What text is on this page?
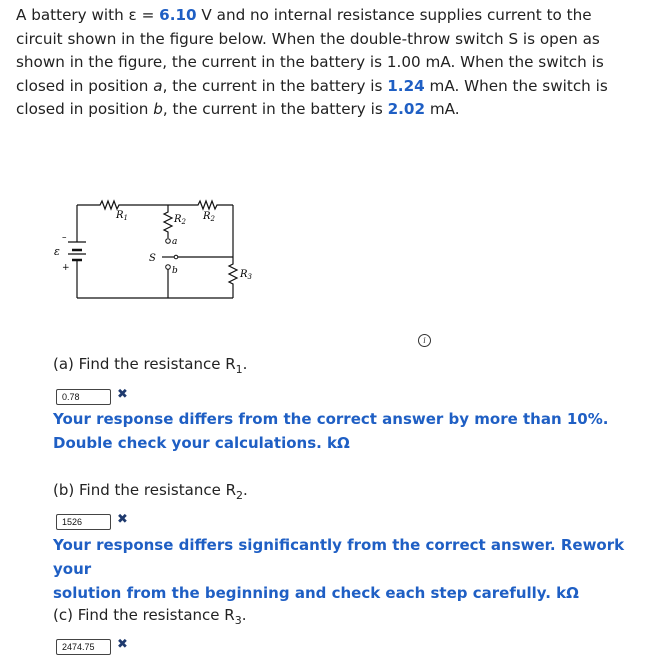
A battery with ε = 6.10 V and no internal resistance supplies current to the circuit shown in the figure below. When the double-throw switch S is open as shown in the figure, the current in the battery is 1.00 mA. When the switch is closed in position a, the current in the battery is 1.24 mA. When the switch is closed in position b, the current in the battery is 2.02 mA.
ε
–
+
$R_1$	$R_2$ $R_2$
$R_3$
S
a
b
i
(a) Find the resistance $R_1$.
0.78	✖
Your response differs from the correct answer by more than 10%.
Double check your calculations. kΩ
(b) Find the resistance $R_2$.
1526	✖
Your response differs significantly from the correct answer. Rework your
solution from the beginning and check each step carefully. kΩ
(c) Find the resistance $R_3$.
2474.75	✖
